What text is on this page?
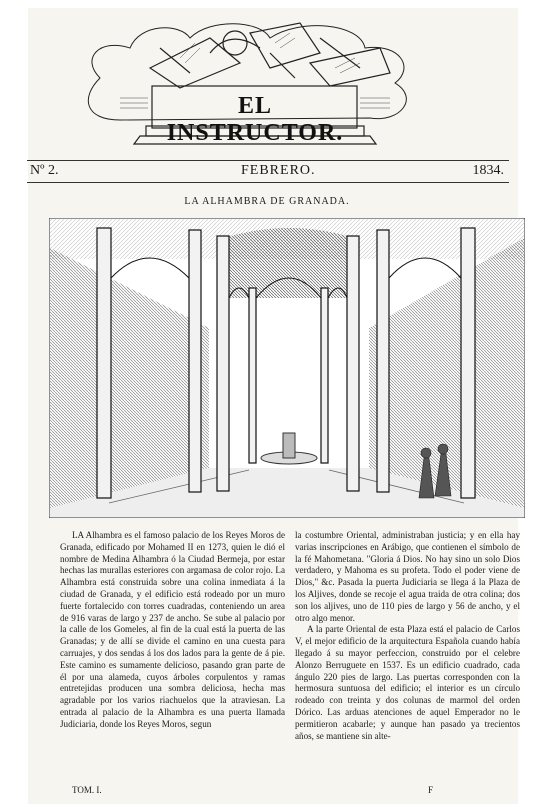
EL INSTRUCTOR.
Nº 2.	FEBRERO.	1834.
LA ALHAMBRA DE GRANADA.

LA Alhambra es el famoso palacio de los Reyes Moros de Granada, edificado por Mohamed II en 1273, quien le dió el nombre de Medina Alhambra ó la Ciudad Bermeja, por estar hechas las murallas esteriores con argamasa de color rojo. La Alhambra está construida sobre una colina inmediata á la ciudad de Granada, y el edificio está rodeado por un muro fuerte fortalecido con torres cuadradas, conteniendo un area de 916 varas de largo y 237 de ancho. Se sube al palacio por la calle de los Gomeles, al fin de la cual está la puerta de las Granadas; y de allí se divide el camino en una cuesta para carruajes, y dos sendas á los dos lados para la gente de á pie. Este camino es sumamente delicioso, pasando gran parte de él por una alameda, cuyos árboles corpulentos y ramas entretejidas producen una sombra deliciosa, hecha mas agradable por los varios riachuelos que la atraviesan. La entrada al palacio de la Alhambra es una puerta llamada Judiciaria, donde los Reyes Moros, segun

la costumbre Oriental, administraban justicia; y en ella hay varias inscripciones en Arábigo, que contienen el símbolo de la fé Mahometana. "Gloria á Dios. No hay sino un solo Dios verdadero, y Mahoma es su profeta. Todo el poder viene de Dios," &c. Pasada la puerta Judiciaria se llega á la Plaza de los Aljives, donde se recoje el agua traida de otra colina; dos son los aljives, uno de 110 pies de largo y 56 de ancho, y el otro algo menor.

A la parte Oriental de esta Plaza está el palacio de Carlos V, el mejor edificio de la arquitectura Española cuando había llegado á su mayor perfeccion, construido por el celebre Alonzo Berruguete en 1537. Es un edificio cuadrado, cada ángulo 220 pies de largo. Las puertas corresponden con la hermosura suntuosa del edificio; el interior es un círculo rodeado con treinta y dos colunas de marmol del orden Dórico. Las arduas atenciones de aquel Emperador no le permitieron acabarle; y aunque han pasado ya trecientos años, se mantiene sin alte-

TOM. I.	F
